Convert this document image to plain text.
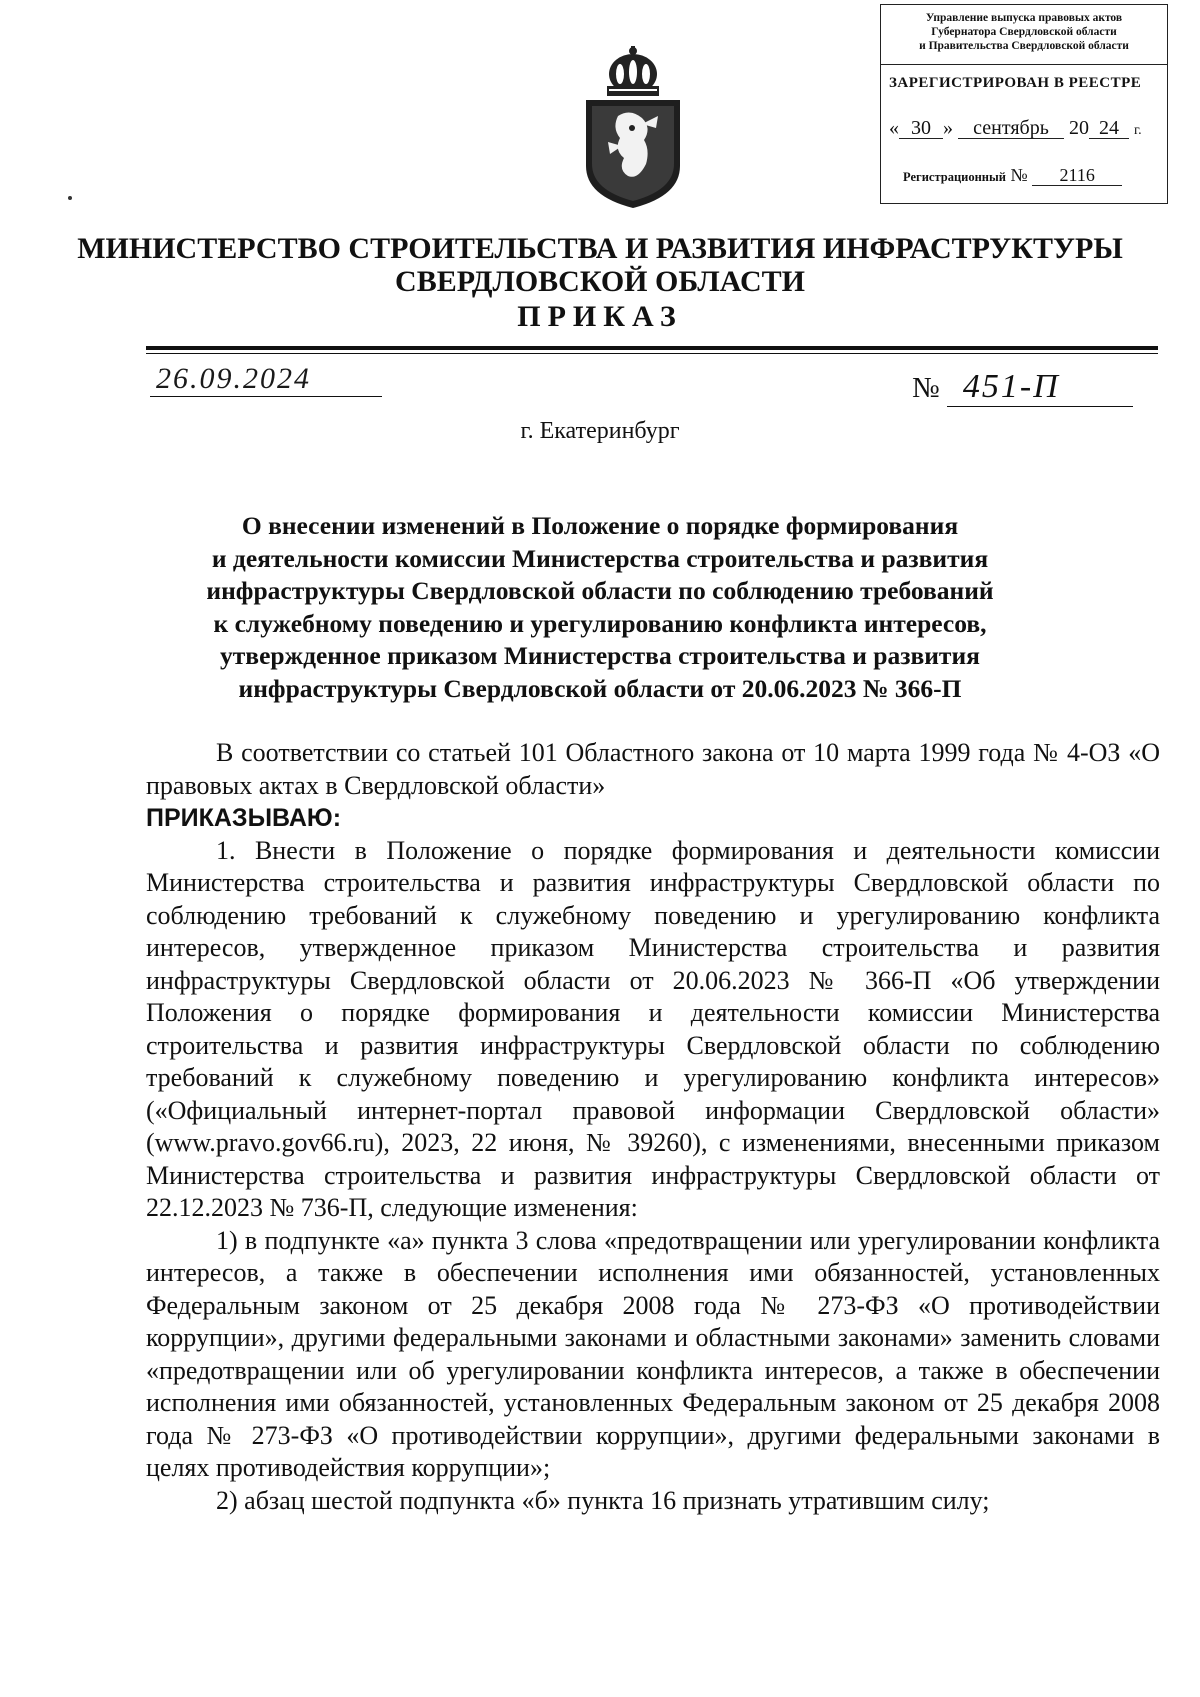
Управление выпуска правовых актов
Губернатора Свердловской области
и Правительства Свердловской области
ЗАРЕГИСТРИРОВАН В РЕЕСТРЕ
« 30 » сентябрь 20 24 г.
Регистрационный № 2116
МИНИСТЕРСТВО СТРОИТЕЛЬСТВА И РАЗВИТИЯ ИНФРАСТРУКТУРЫ
СВЕРДЛОВСКОЙ ОБЛАСТИ
ПРИКАЗ
26.09.2024	№ 451-П
г. Екатеринбург
О внесении изменений в Положение о порядке формирования
и деятельности комиссии Министерства строительства и развития
инфраструктуры Свердловской области по соблюдению требований
к служебному поведению и урегулированию конфликта интересов,
утвержденное приказом Министерства строительства и развития
инфраструктуры Свердловской области от 20.06.2023 № 366-П

В соответствии со статьей 101 Областного закона от 10 марта 1999 года № 4-ОЗ «О правовых актах в Свердловской области»

ПРИКАЗЫВАЮ:

1. Внести в Положение о порядке формирования и деятельности комиссии Министерства строительства и развития инфраструктуры Свердловской области по соблюдению требований к служебному поведению и урегулированию конфликта интересов, утвержденное приказом Министерства строительства и развития инфраструктуры Свердловской области от 20.06.2023 № 366-П «Об утверждении Положения о порядке формирования и деятельности комиссии Министерства строительства и развития инфраструктуры Свердловской области по соблюдению требований к служебному поведению и урегулированию конфликта интересов» («Официальный интернет-портал правовой информации Свердловской области» (www.pravo.gov66.ru), 2023, 22 июня, № 39260), с изменениями, внесенными приказом Министерства строительства и развития инфраструктуры Свердловской области от 22.12.2023 № 736-П, следующие изменения:

1) в подпункте «а» пункта 3 слова «предотвращении или урегулировании конфликта интересов, а также в обеспечении исполнения ими обязанностей, установленных Федеральным законом от 25 декабря 2008 года № 273-ФЗ «О противодействии коррупции», другими федеральными законами и областными законами» заменить словами «предотвращении или об урегулировании конфликта интересов, а также в обеспечении исполнения ими обязанностей, установленных Федеральным законом от 25 декабря 2008 года № 273-ФЗ «О противодействии коррупции», другими федеральными законами в целях противодействия коррупции»;

2) абзац шестой подпункта «б» пункта 16 признать утратившим силу;
